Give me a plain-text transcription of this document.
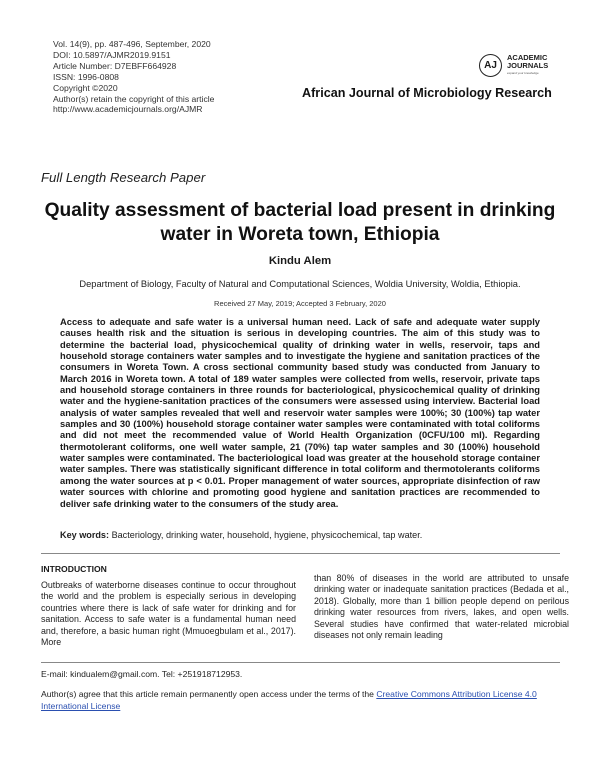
Vol. 14(9), pp. 487-496, September, 2020
DOI: 10.5897/AJMR2019.9151
Article Number: D7EBFF664928
ISSN: 1996-0808
Copyright ©2020
Author(s) retain the copyright of this article
http://www.academicjournals.org/AJMR
AJ
ACADEMIC
JOURNALS
expand your knowledge
African Journal of Microbiology Research
Full Length Research Paper
Quality assessment of bacterial load present in drinking water in Woreta town, Ethiopia
Kindu Alem
Department of Biology, Faculty of Natural and Computational Sciences, Woldia University, Woldia, Ethiopia.
Received 27 May, 2019; Accepted 3 February, 2020
Access to adequate and safe water is a universal human need. Lack of safe and adequate water supply causes health risk and the situation is serious in developing countries. The aim of this study was to determine the bacterial load, physicochemical quality of drinking water in wells, reservoir, taps and household storage containers water samples and to investigate the hygiene and sanitation practices of the consumers in Woreta Town. A cross sectional community based study was conducted from January to March 2016 in Woreta town. A total of 189 water samples were collected from wells, reservoir, private taps and household storage containers in three rounds for bacteriological, physicochemical quality of drinking water and the hygiene-sanitation practices of the consumers were assessed using interview. Bacterial load analysis of water samples revealed that well and reservoir water samples were 100%; 30 (100%) tap water samples and 30 (100%) household storage container water samples were contaminated with total coliforms and did not meet the recommended value of World Health Organization (0CFU/100 ml). Regarding thermotolerant coliforms, one well water sample, 21 (70%) tap water samples and 30 (100%) household water samples were contaminated. The bacteriological load was greater at the household storage container water samples. There was statistically significant difference in total coliform and thermotolerants coliforms among the water sources at p < 0.01. Proper management of water sources, appropriate disinfection of raw water sources with chlorine and promoting good hygiene and sanitation practices are recommended to deliver safe drinking water to the consumers of the study area.
Key words: Bacteriology, drinking water, household, hygiene, physicochemical, tap water.
INTRODUCTION
Outbreaks of waterborne diseases continue to occur throughout the world and the problem is especially serious in developing countries where there is lack of safe water for drinking and for sanitation. Access to safe water is a fundamental human need and, therefore, a basic human right (Mmuoegbulam et al., 2017). More
than 80% of diseases in the world are attributed to unsafe drinking water or inadequate sanitation practices (Bedada et al., 2018). Globally, more than 1 billion people depend on perilous drinking water resources from rivers, lakes, and open wells. Several studies have confirmed that water-related microbial diseases not only remain leading
E-mail: kindualem@gmail.com. Tel: +251918712953.
Author(s) agree that this article remain permanently open access under the terms of the Creative Commons Attribution License 4.0 International License
